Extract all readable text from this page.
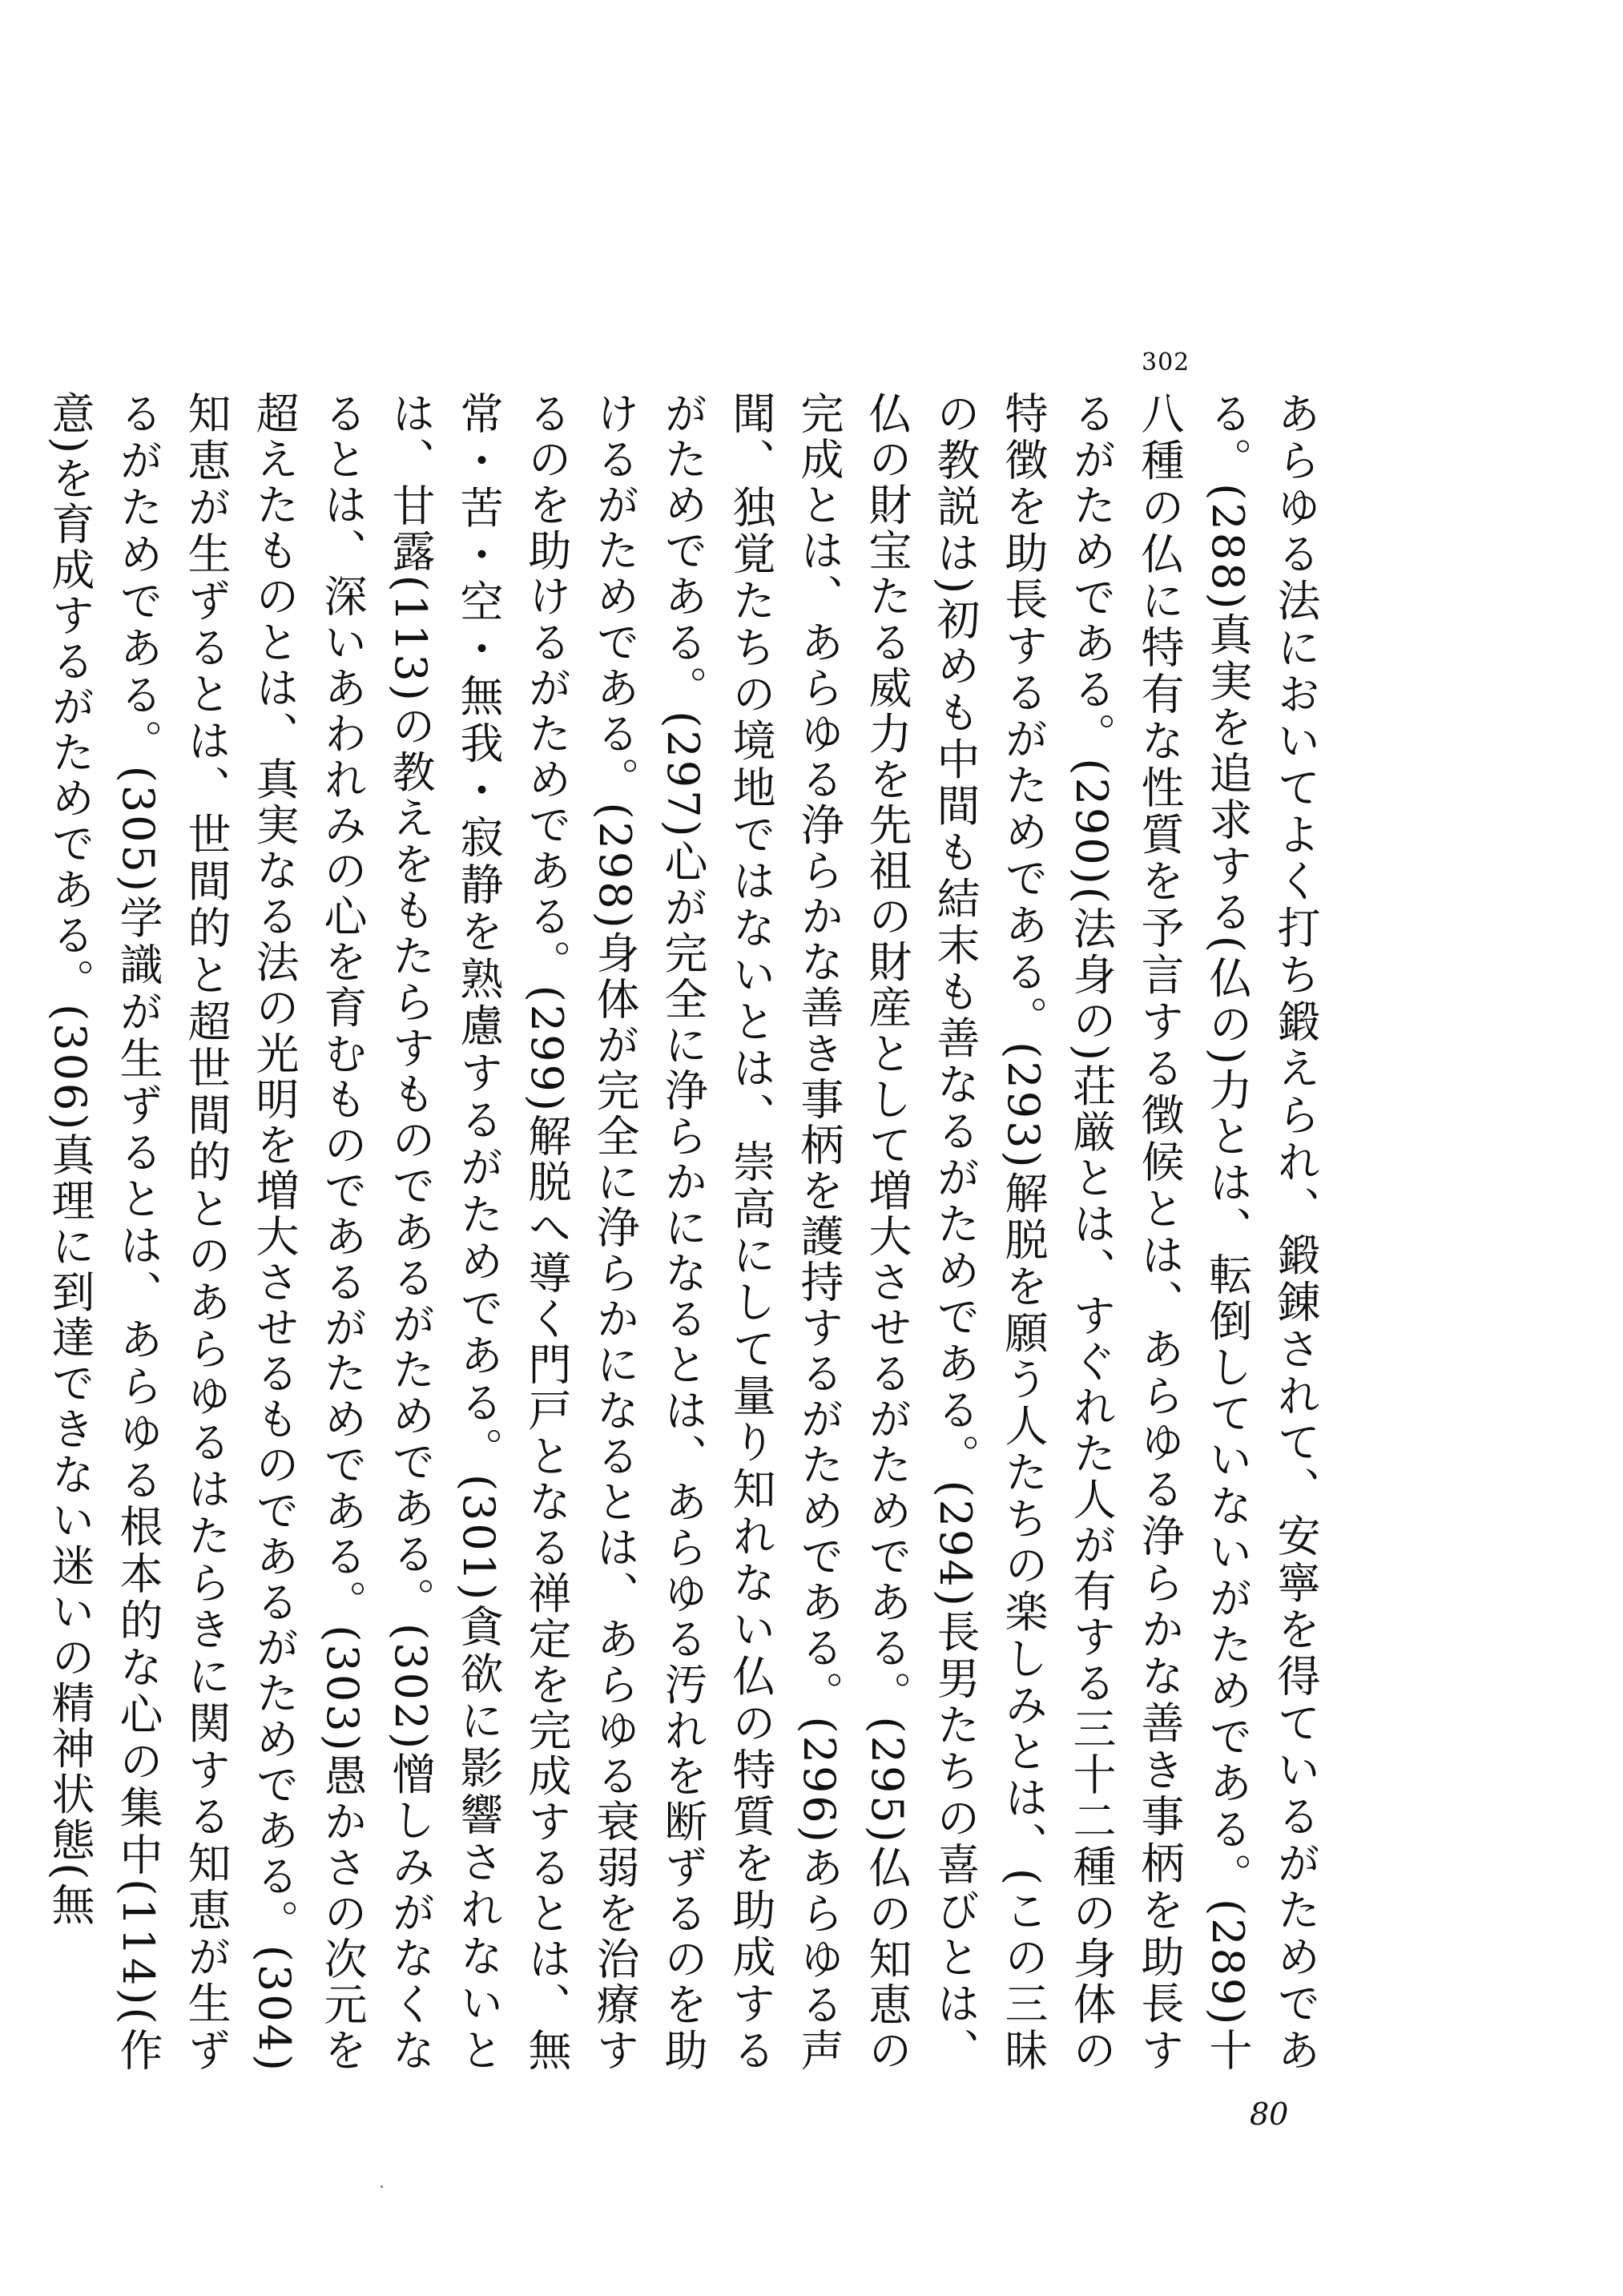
302

あらゆる法においてよく打ち鍛えられ、鍛錬されて、安寧を得ているがためである。(288)真実を追求する(仏の)力とは、転倒していないがためである。(289)十八種の仏に特有な性質を予言する徴候とは、あらゆる浄らかな善き事柄を助長するがためである。(290)(法身の)荘厳とは、すぐれた人が有する三十二種の身体の特徴を助長するがためである。(293)解脱を願う人たちの楽しみとは、(この三昧の教説は)初めも中間も結末も善なるがためである。(294)長男たちの喜びとは、仏の財宝たる威力を先祖の財産として増大させるがためである。(295)仏の知恵の完成とは、あらゆる浄らかな善き事柄を護持するがためである。(296)あらゆる声聞、独覚たちの境地ではないとは、崇高にして量り知れない仏の特質を助成するがためである。(297)心が完全に浄らかになるとは、あらゆる汚れを断ずるのを助けるがためである。(298)身体が完全に浄らかになるとは、あらゆる衰弱を治療するのを助けるがためである。(299)解脱へ導く門戸となる禅定を完成するとは、無常・苦・空・無我・寂静を熟慮するがためである。(301)貪欲に影響されないとは、甘露(113)の教えをもたらすものであるがためである。(302)憎しみがなくなるとは、深いあわれみの心を育むものであるがためである。(303)愚かさの次元を超えたものとは、真実なる法の光明を増大させるものであるがためである。(304)知恵が生ずるとは、世間的と超世間的とのあらゆるはたらきに関する知恵が生ずるがためである。(305)学識が生ずるとは、あらゆる根本的な心の集中(114)(作意)を育成するがためである。(306)真理に到達できない迷いの精神状態(無

80
